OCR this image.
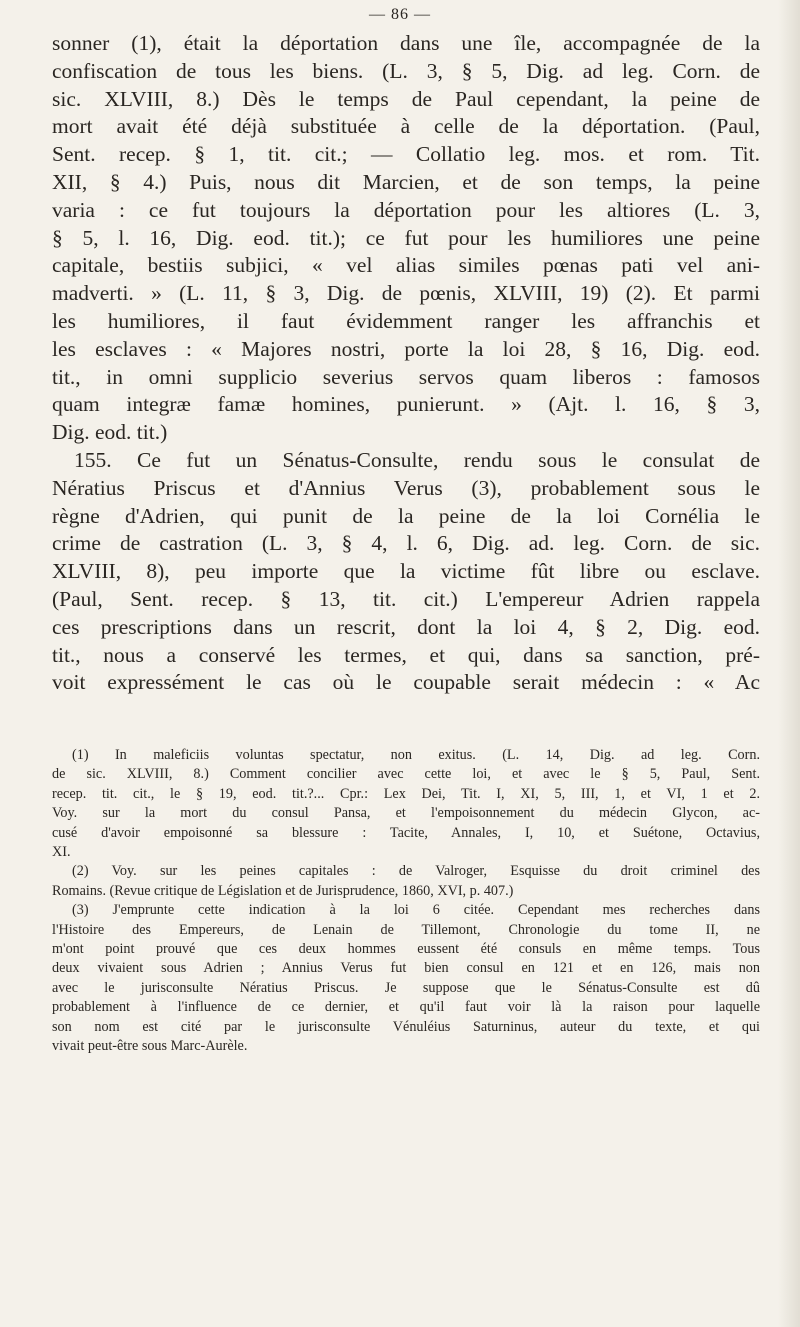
— 86 —
sonner (1), était la déportation dans une île, accompagnée de la
confiscation de tous les biens. (L. 3, § 5, Dig. ad leg. Corn. de
sic. XLVIII, 8.) Dès le temps de Paul cependant, la peine de
mort avait été déjà substituée à celle de la déportation. (Paul,
Sent. recep. § 1, tit. cit.; — Collatio leg. mos. et rom. Tit.
XII, § 4.) Puis, nous dit Marcien, et de son temps, la peine
varia : ce fut toujours la déportation pour les altiores (L. 3,
§ 5, l. 16, Dig. eod. tit.); ce fut pour les humiliores une peine
capitale, bestiis subjici, « vel alias similes pœnas pati vel ani-
madverti. » (L. 11, § 3, Dig. de pœnis, XLVIII, 19) (2). Et parmi
les humiliores, il faut évidemment ranger les affranchis et
les esclaves : « Majores nostri, porte la loi 28, § 16, Dig. eod.
tit., in omni supplicio severius servos quam liberos : famosos
quam integræ famæ homines, punierunt. » (Ajt. l. 16, § 3,
Dig. eod. tit.)
155. Ce fut un Sénatus-Consulte, rendu sous le consulat de
Nératius Priscus et d'Annius Verus (3), probablement sous le
règne d'Adrien, qui punit de la peine de la loi Cornélia le
crime de castration (L. 3, § 4, l. 6, Dig. ad. leg. Corn. de sic.
XLVIII, 8), peu importe que la victime fût libre ou esclave.
(Paul, Sent. recep. § 13, tit. cit.) L'empereur Adrien rappela
ces prescriptions dans un rescrit, dont la loi 4, § 2, Dig. eod.
tit., nous a conservé les termes, et qui, dans sa sanction, pré-
voit expressément le cas où le coupable serait médecin : « Ac
(1) In maleficiis voluntas spectatur, non exitus. (L. 14, Dig. ad leg. Corn.
de sic. XLVIII, 8.) Comment concilier avec cette loi, et avec le § 5, Paul, Sent.
recep. tit. cit., le § 19, eod. tit.?... Cpr.: Lex Dei, Tit. I, XI, 5, III, 1, et VI, 1 et 2.
Voy. sur la mort du consul Pansa, et l'empoisonnement du médecin Glycon, ac-
cusé d'avoir empoisonné sa blessure : Tacite, Annales, I, 10, et Suétone, Octavius,
XI.
(2) Voy. sur les peines capitales : de Valroger, Esquisse du droit criminel des
Romains. (Revue critique de Législation et de Jurisprudence, 1860, XVI, p. 407.)
(3) J'emprunte cette indication à la loi 6 citée. Cependant mes recherches dans
l'Histoire des Empereurs, de Lenain de Tillemont, Chronologie du tome II, ne
m'ont point prouvé que ces deux hommes eussent été consuls en même temps. Tous
deux vivaient sous Adrien ; Annius Verus fut bien consul en 121 et en 126, mais non
avec le jurisconsulte Nératius Priscus. Je suppose que le Sénatus-Consulte est dû
probablement à l'influence de ce dernier, et qu'il faut voir là la raison pour laquelle
son nom est cité par le jurisconsulte Vénuléius Saturninus, auteur du texte, et qui
vivait peut-être sous Marc-Aurèle.
